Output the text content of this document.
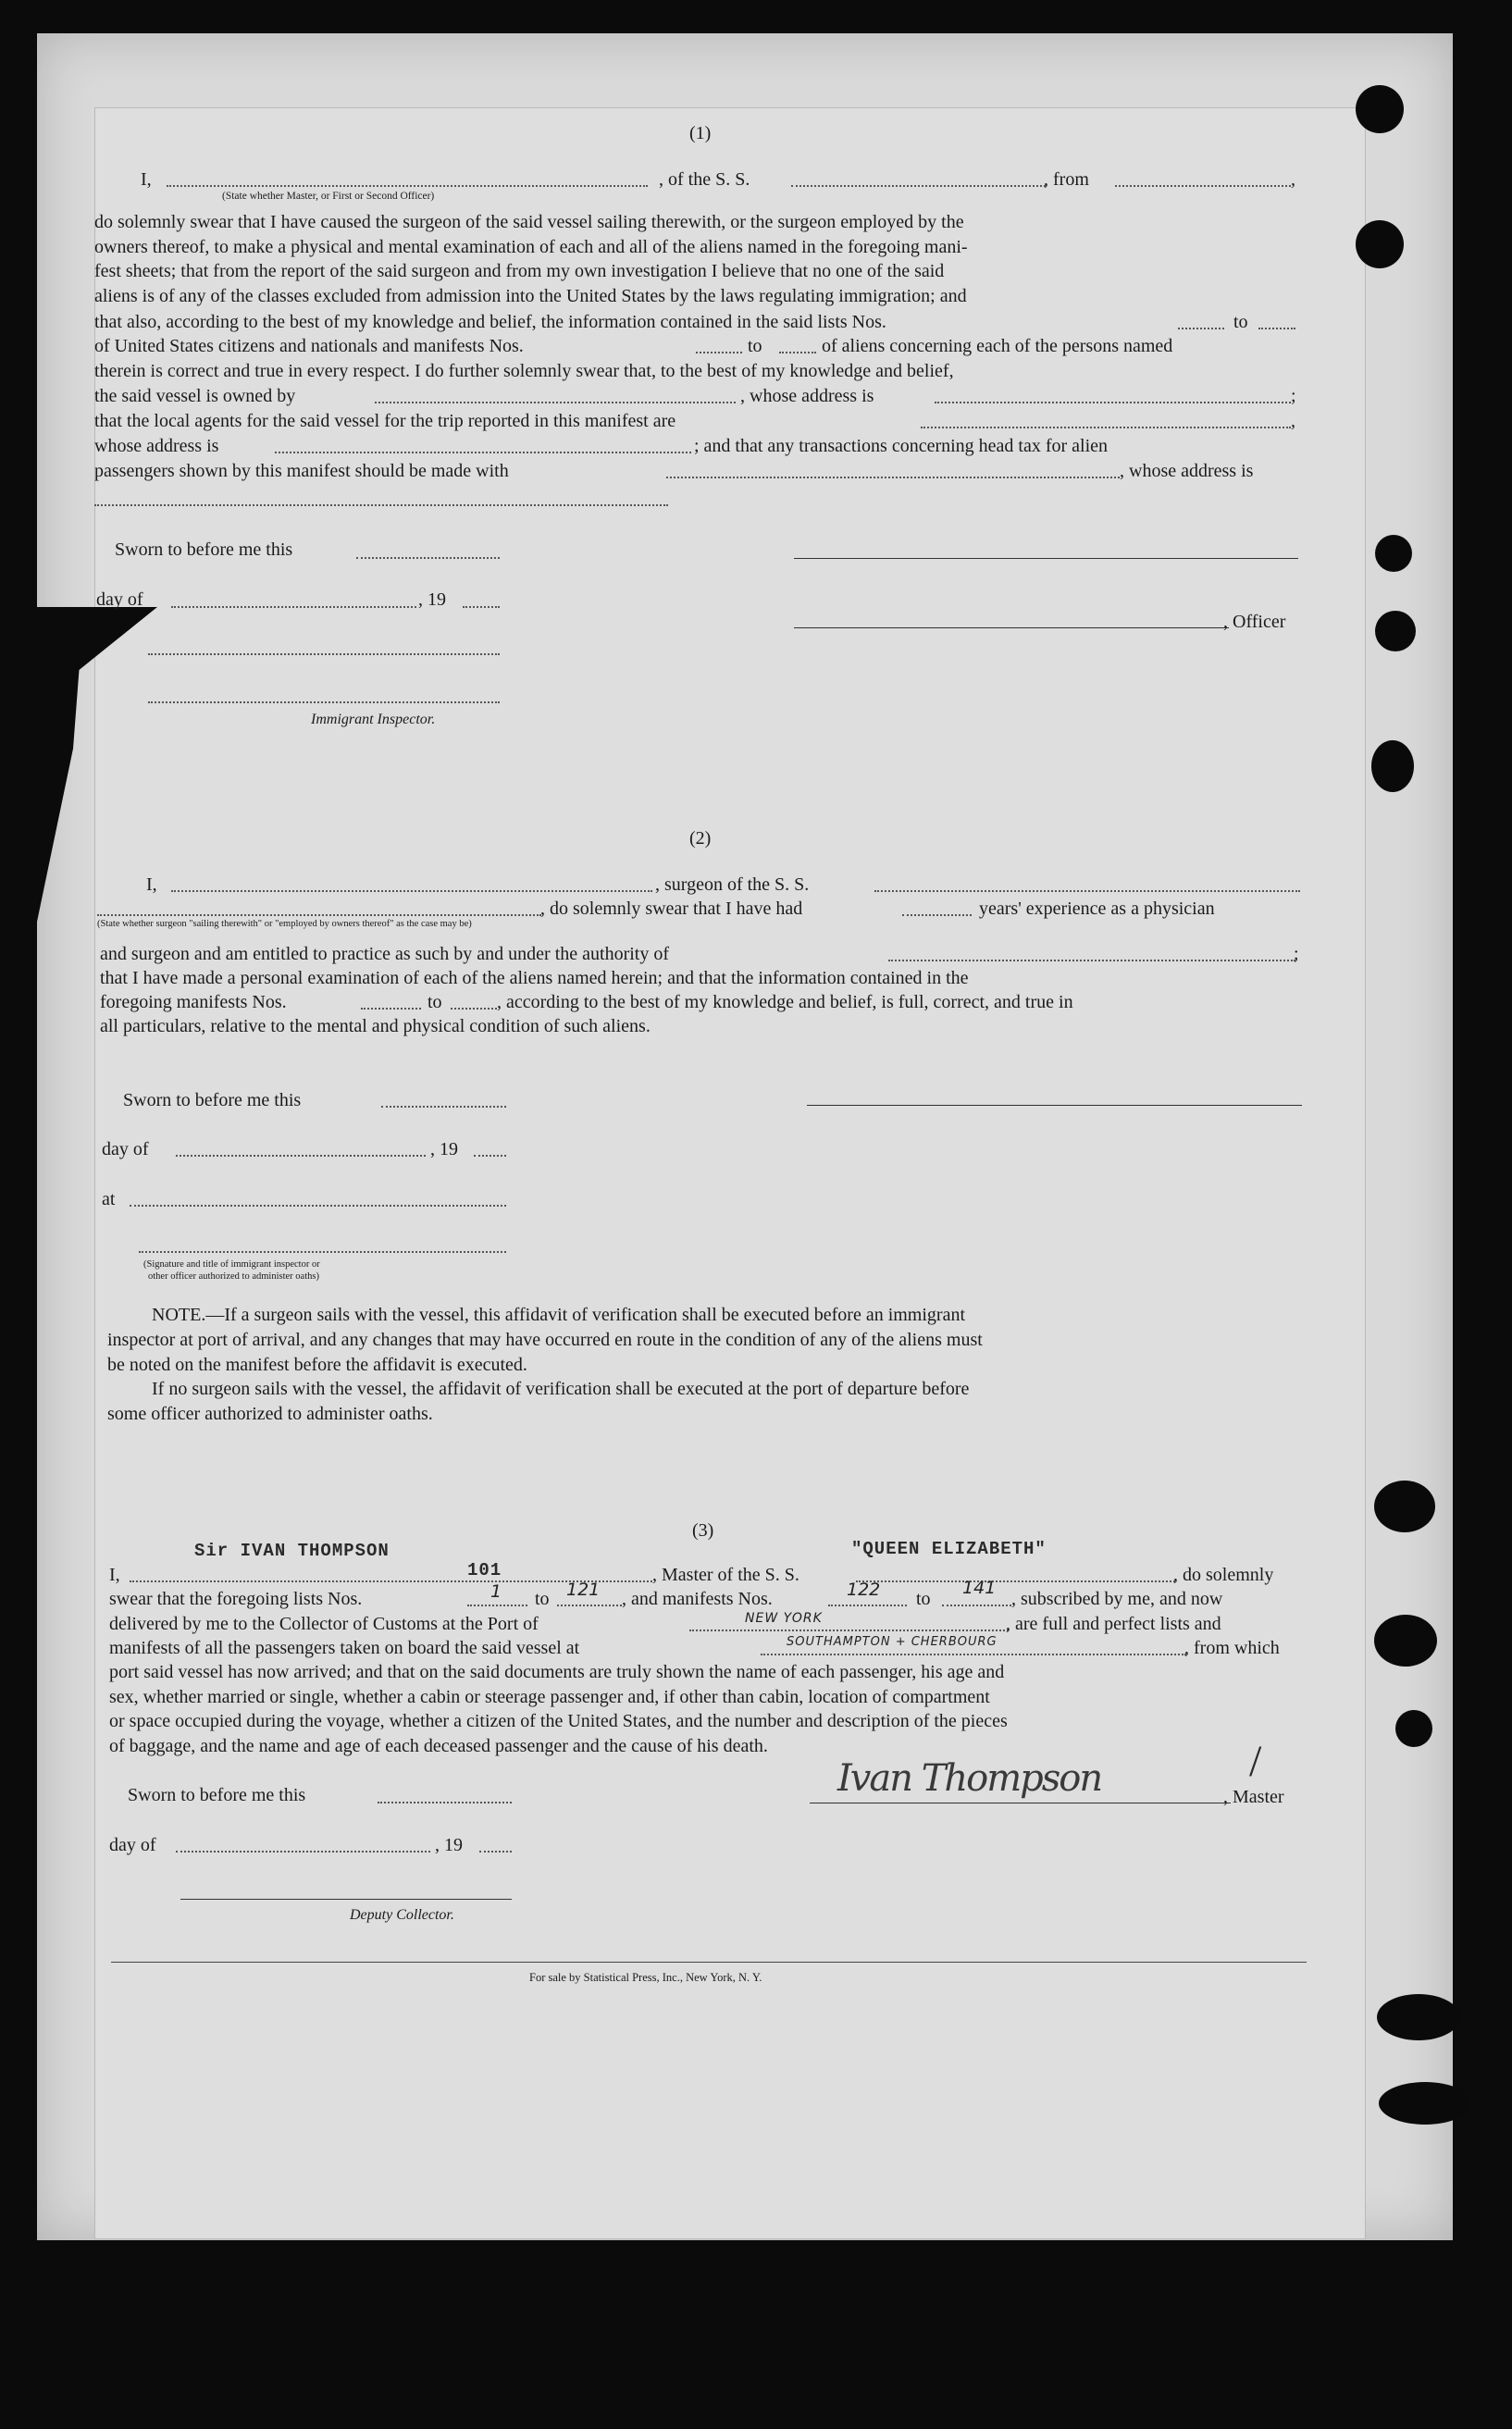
(1)
I,	, of the S. S.	, from	,
(State whether Master, or First or Second Officer)

do solemnly swear that I have caused the surgeon of the said vessel sailing therewith, or the surgeon employed by the

owners thereof, to make a physical and mental examination of each and all of the aliens named in the foregoing mani-

fest sheets; that from the report of the said surgeon and from my own investigation I believe that no one of the said

aliens is of any of the classes excluded from admission into the United States by the laws regulating immigration; and

that also, according to the best of my knowledge and belief, the information contained in the said lists Nos.	to
of United States citizens and nationals and manifests Nos.	to	of aliens concerning each of the persons named
therein is correct and true in every respect. I do further solemnly swear that, to the best of my knowledge and belief,
the said vessel is owned by	, whose address is	;
that the local agents for the said vessel for the trip reported in this manifest are	,
whose address is	; and that any transactions concerning head tax for alien
passengers shown by this manifest should be made with	, whose address is
Sworn to before me this
day of	, 19
, Officer
Immigrant Inspector.
(2)
I,	, surgeon of the S. S.
, do solemnly swear that I have had	years' experience as a physician
(State whether surgeon "sailing therewith" or "employed by owners thereof" as the case may be)
and surgeon and am entitled to practice as such by and under the authority of	;
that I have made a personal examination of each of the aliens named herein; and that the information contained in the
foregoing manifests Nos.	to	, according to the best of my knowledge and belief, is full, correct, and true in
all particulars, relative to the mental and physical condition of such aliens.
Sworn to before me this
day of	, 19
at
(Signature and title of immigrant inspector or
other officer authorized to administer oaths)
NOTE.—If a surgeon sails with the vessel, this affidavit of verification shall be executed before an immigrant
inspector at port of arrival, and any changes that may have occurred en route in the condition of any of the aliens must
be noted on the manifest before the affidavit is executed.
If no surgeon sails with the vessel, the affidavit of verification shall be executed at the port of departure before
some officer authorized to administer oaths.
(3)
I,
Sir IVAN THOMPSON
101	, Master of the S. S.
"QUEEN ELIZABETH"
, do solemnly
swear that the foregoing lists Nos.	1 to 121 , and manifests Nos.	122 to
141
, subscribed by me, and now
delivered by me to the Collector of Customs at the Port of	NEW YORK	, are full and perfect lists and
manifests of all the passengers taken on board the said vessel at	SOUTHAMPTON + CHERBOURG	, from which

port said vessel has now arrived; and that on the said documents are truly shown the name of each passenger, his age and

sex, whether married or single, whether a cabin or steerage passenger and, if other than cabin, location of compartment

or space occupied during the voyage, whether a citizen of the United States, and the number and description of the pieces

of baggage, and the name and age of each deceased passenger and the cause of his death.

Sworn to before me this	Ivan Thompson	/
, Master
day of	, 19
Deputy Collector.
For sale by Statistical Press, Inc., New York, N. Y.
